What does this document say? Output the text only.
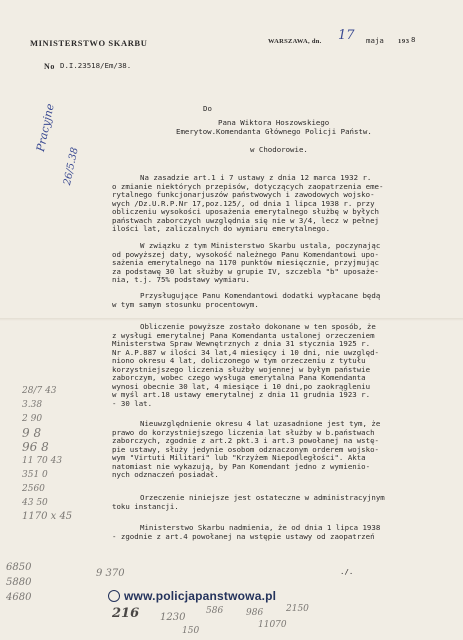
MINISTERSTWO SKARBU	WARSZAWA, dn. 17 maja 193 8
No D.I.23518/Em/38.
Do
Pana Wiktora Hoszowskiego
Emerytow.Komendanta Głównego Policji Państw.
w Chodorowie.
Na zasadzie art.1 i 7 ustawy z dnia 12 marca 1932 r.
o zmianie niektórych przepisów, dotyczących zaopatrzenia eme-
rytalnego funkcjonarjuszów państwowych i zawodowych wojsko-
wych /Dz.U.R.P.Nr 17,poz.125/, od dnia 1 lipca 1938 r. przy
obliczeniu wysokości uposażenia emerytalnego służbę w byłych
państwach zaborczych uwzględnia się nie w 3/4, lecz w pełnej
ilości lat, zaliczalnych do wymiaru emerytalnego.
W związku z tym Ministerstwo Skarbu ustala, poczynając
od powyższej daty, wysokość należnego Panu Komendantowi upo-
sażenia emerytalnego na 1170 punktów miesięcznie, przyjmując
za podstawę 30 lat służby w grupie IV, szczebla "b" uposaże-
nia, t.j. 75% podstawy wymiaru.
Przysługujące Panu Komendantowi dodatki wypłacane będą
w tym samym stosunku procentowym.
Obliczenie powyższe zostało dokonane w ten sposób, że
z wysługi emerytalnej Pana Komendanta ustalonej orzeczeniem
Ministerstwa Spraw Wewnętrznych z dnia 31 stycznia 1925 r.
Nr A.P.887 w ilości 34 lat,4 miesięcy i 10 dni, nie uwzględ-
niono okresu 4 lat, doliczonego w tym orzeczeniu z tytułu
korzystniejszego liczenia służby wojennej w byłym państwie
zaborczym, wobec czego wysługa emerytalna Pana Komendanta
wynosi obecnie 30 lat, 4 miesiące i 10 dni,po zaokrągleniu
w myśl art.18 ustawy emerytalnej z dnia 11 grudnia 1923 r.
- 30 lat.
Nieuwzględnienie okresu 4 lat uzasadnione jest tym, że
prawo do korzystniejszego liczenia lat służby w b.państwach
zaborczych, zgodnie z art.2 pkt.3 i art.3 powołanej na wstę-
pie ustawy, służy jedynie osobom odznaczonym orderem wojsko-
wym "Virtuti Militari" lub "Krzyżem Niepodległości". Akta
natomiast nie wykazują, by Pan Komendant jedno z wymienio-
nych odznaczeń posiadał.
Orzeczenie niniejsze jest ostateczne w administracyjnym
toku instancji.
Ministerstwo Skarbu nadmienia, że od dnia 1 lipca 1938
- zgodnie z art.4 powołanej na wstępie ustawy od zaopatrzeń
./.
Pracyjne
26/5.38
28/7 43
3.38
2 90
9 8
96 8
11 70 43
351 0
2560
43 50
1170 x 45
6850
5880
4680
9 370
216 1230
586	986
11070
150
2150
www.policjapanstwowa.pl
